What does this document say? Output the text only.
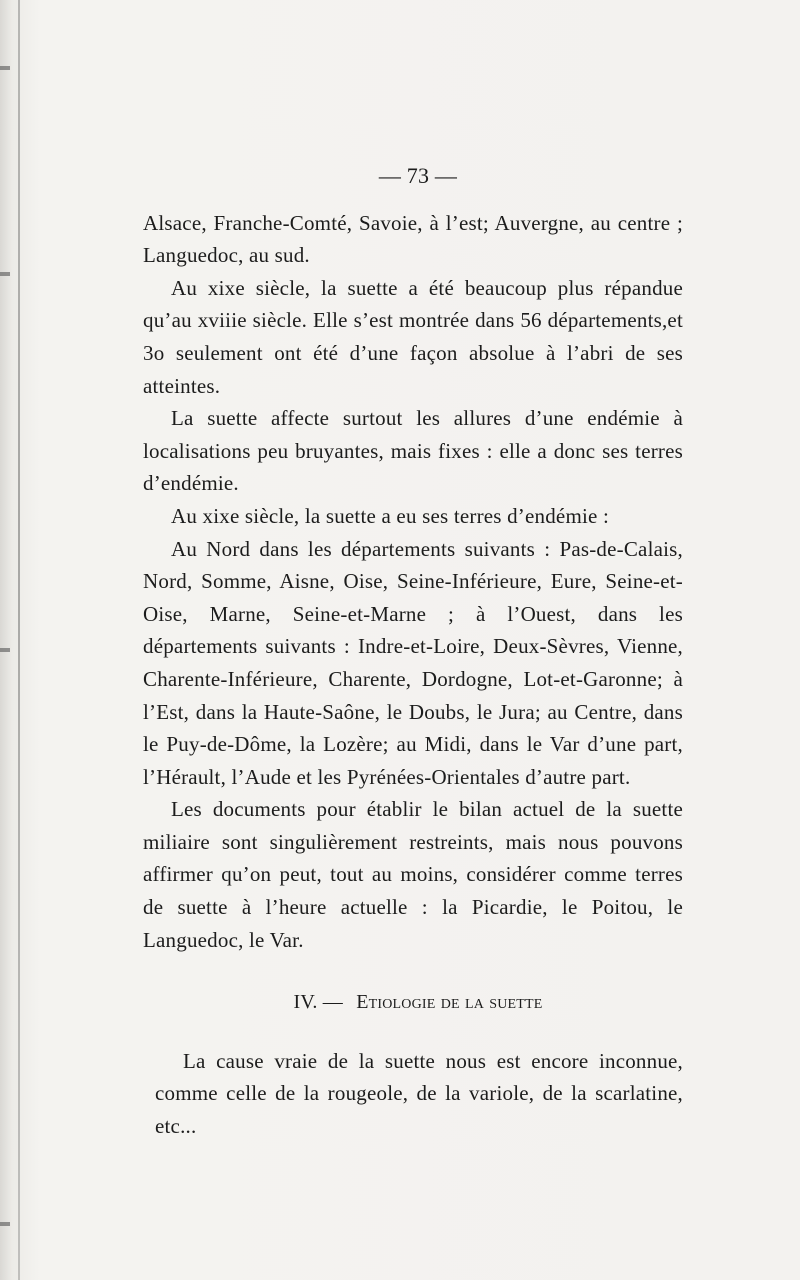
— 73 —

Alsace, Franche-Comté, Savoie, à l’est; Auvergne, au centre ; Languedoc, au sud.

Au xixe siècle, la suette a été beaucoup plus répandue qu’au xviiie siècle. Elle s’est montrée dans 56 départements,et 3o seulement ont été d’une façon absolue à l’abri de ses atteintes.

La suette affecte surtout les allures d’une endémie à localisations peu bruyantes, mais fixes : elle a donc ses terres d’endémie.

Au xixe siècle, la suette a eu ses terres d’endémie :

Au Nord dans les départements suivants : Pas-de-Calais, Nord, Somme, Aisne, Oise, Seine-Inférieure, Eure, Seine-et-Oise, Marne, Seine-et-Marne ; à l’Ouest, dans les départements suivants : Indre-et-Loire, Deux-Sèvres, Vienne, Charente-Inférieure, Charente, Dordogne, Lot-et-Garonne; à l’Est, dans la Haute-Saône, le Doubs, le Jura; au Centre, dans le Puy-de-Dôme, la Lozère; au Midi, dans le Var d’une part, l’Hérault, l’Aude et les Pyrénées-Orientales d’autre part.

Les documents pour établir le bilan actuel de la suette miliaire sont singulièrement restreints, mais nous pouvons affirmer qu’on peut, tout au moins, considérer comme terres de suette à l’heure actuelle : la Picardie, le Poitou, le Languedoc, le Var.

IV. — Etiologie de la suette

La cause vraie de la suette nous est encore inconnue, comme celle de la rougeole, de la variole, de la scarlatine, etc...
